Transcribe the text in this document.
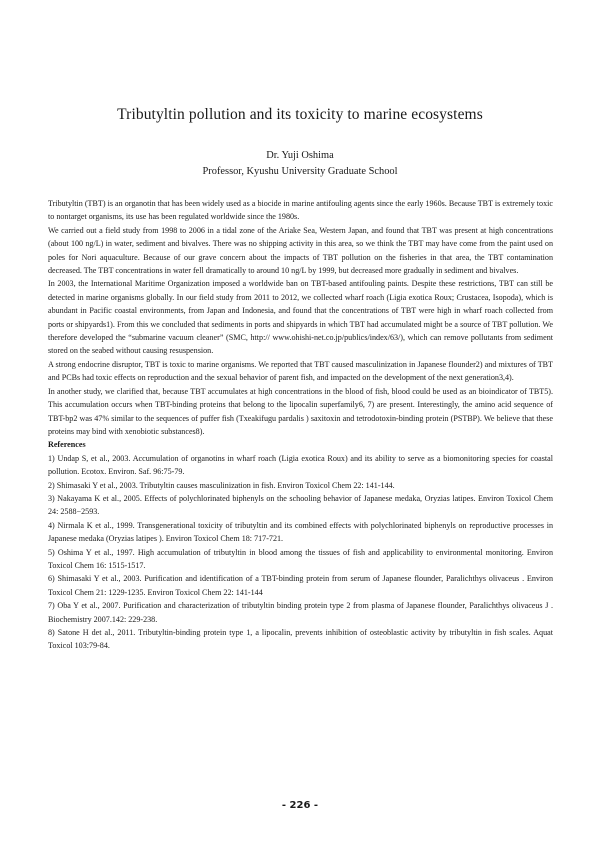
Tributyltin pollution and its toxicity to marine ecosystems
Dr. Yuji Oshima
Professor, Kyushu University Graduate School

Tributyltin (TBT) is an organotin that has been widely used as a biocide in marine antifouling agents since the early 1960s. Because TBT is extremely toxic to nontarget organisms, its use has been regulated worldwide since the 1980s.

We carried out a field study from 1998 to 2006 in a tidal zone of the Ariake Sea, Western Japan, and found that TBT was present at high concentrations (about 100 ng/L) in water, sediment and bivalves. There was no shipping activity in this area, so we think the TBT may have come from the paint used on poles for Nori aquaculture. Because of our grave concern about the impacts of TBT pollution on the fisheries in that area, the TBT contamination decreased. The TBT concentrations in water fell dramatically to around 10 ng/L by 1999, but decreased more gradually in sediment and bivalves.

In 2003, the International Maritime Organization imposed a worldwide ban on TBT-based antifouling paints. Despite these restrictions, TBT can still be detected in marine organisms globally. In our field study from 2011 to 2012, we collected wharf roach (Ligia exotica Roux; Crustacea, Isopoda), which is abundant in Pacific coastal environments, from Japan and Indonesia, and found that the concentrations of TBT were high in wharf roach collected from ports or shipyards1). From this we concluded that sediments in ports and shipyards in which TBT had accumulated might be a source of TBT pollution. We therefore developed the “submarine vacuum cleaner” (SMC, http:// www.ohishi-net.co.jp/publics/index/63/), which can remove pollutants from sediment stored on the seabed without causing resuspension.

A strong endocrine disruptor, TBT is toxic to marine organisms. We reported that TBT caused masculinization in Japanese flounder2) and mixtures of TBT and PCBs had toxic effects on reproduction and the sexual behavior of parent fish, and impacted on the development of the next generation3,4).

In another study, we clarified that, because TBT accumulates at high concentrations in the blood of fish, blood could be used as an bioindicator of TBT5). This accumulation occurs when TBT-binding proteins that belong to the lipocalin superfamily6, 7) are present. Interestingly, the amino acid sequence of TBT-bp2 was 47% similar to the sequences of puffer fish (Txeakifugu pardalis ) saxitoxin and tetrodotoxin-binding protein (PSTBP). We believe that these proteins may bind with xenobiotic substances8).

References

1) Undap S, et al., 2003. Accumulation of organotins in wharf roach (Ligia exotica Roux) and its ability to serve as a biomonitoring species for coastal pollution. Ecotox. Environ. Saf. 96:75-79.

2) Shimasaki Y et al., 2003. Tributyltin causes masculinization in fish. Environ Toxicol Chem 22: 141-144.

3) Nakayama K et al., 2005. Effects of polychlorinated biphenyls on the schooling behavior of Japanese medaka, Oryzias latipes. Environ Toxicol Chem 24: 2588−2593.

4) Nirmala K et al., 1999. Transgenerational toxicity of tributyltin and its combined effects with polychlorinated biphenyls on reproductive processes in Japanese medaka (Oryzias latipes ). Environ Toxicol Chem 18: 717-721.

5) Oshima Y et al., 1997. High accumulation of tributyltin in blood among the tissues of fish and applicability to environmental monitoring. Environ Toxicol Chem 16: 1515-1517.

6) Shimasaki Y et al., 2003. Purification and identification of a TBT-binding protein from serum of Japanese flounder, Paralichthys olivaceus . Environ Toxicol Chem 21: 1229-1235. Environ Toxicol Chem 22: 141-144

7) Oba Y et al., 2007. Purification and characterization of tributyltin binding protein type 2 from plasma of Japanese flounder, Paralichthys olivaceus J . Biochemistry 2007.142: 229-238.

8) Satone H det al., 2011. Tributyltin-binding protein type 1, a lipocalin, prevents inhibition of osteoblastic activity by tributyltin in fish scales. Aquat Toxicol 103:79-84.

- 226 -
